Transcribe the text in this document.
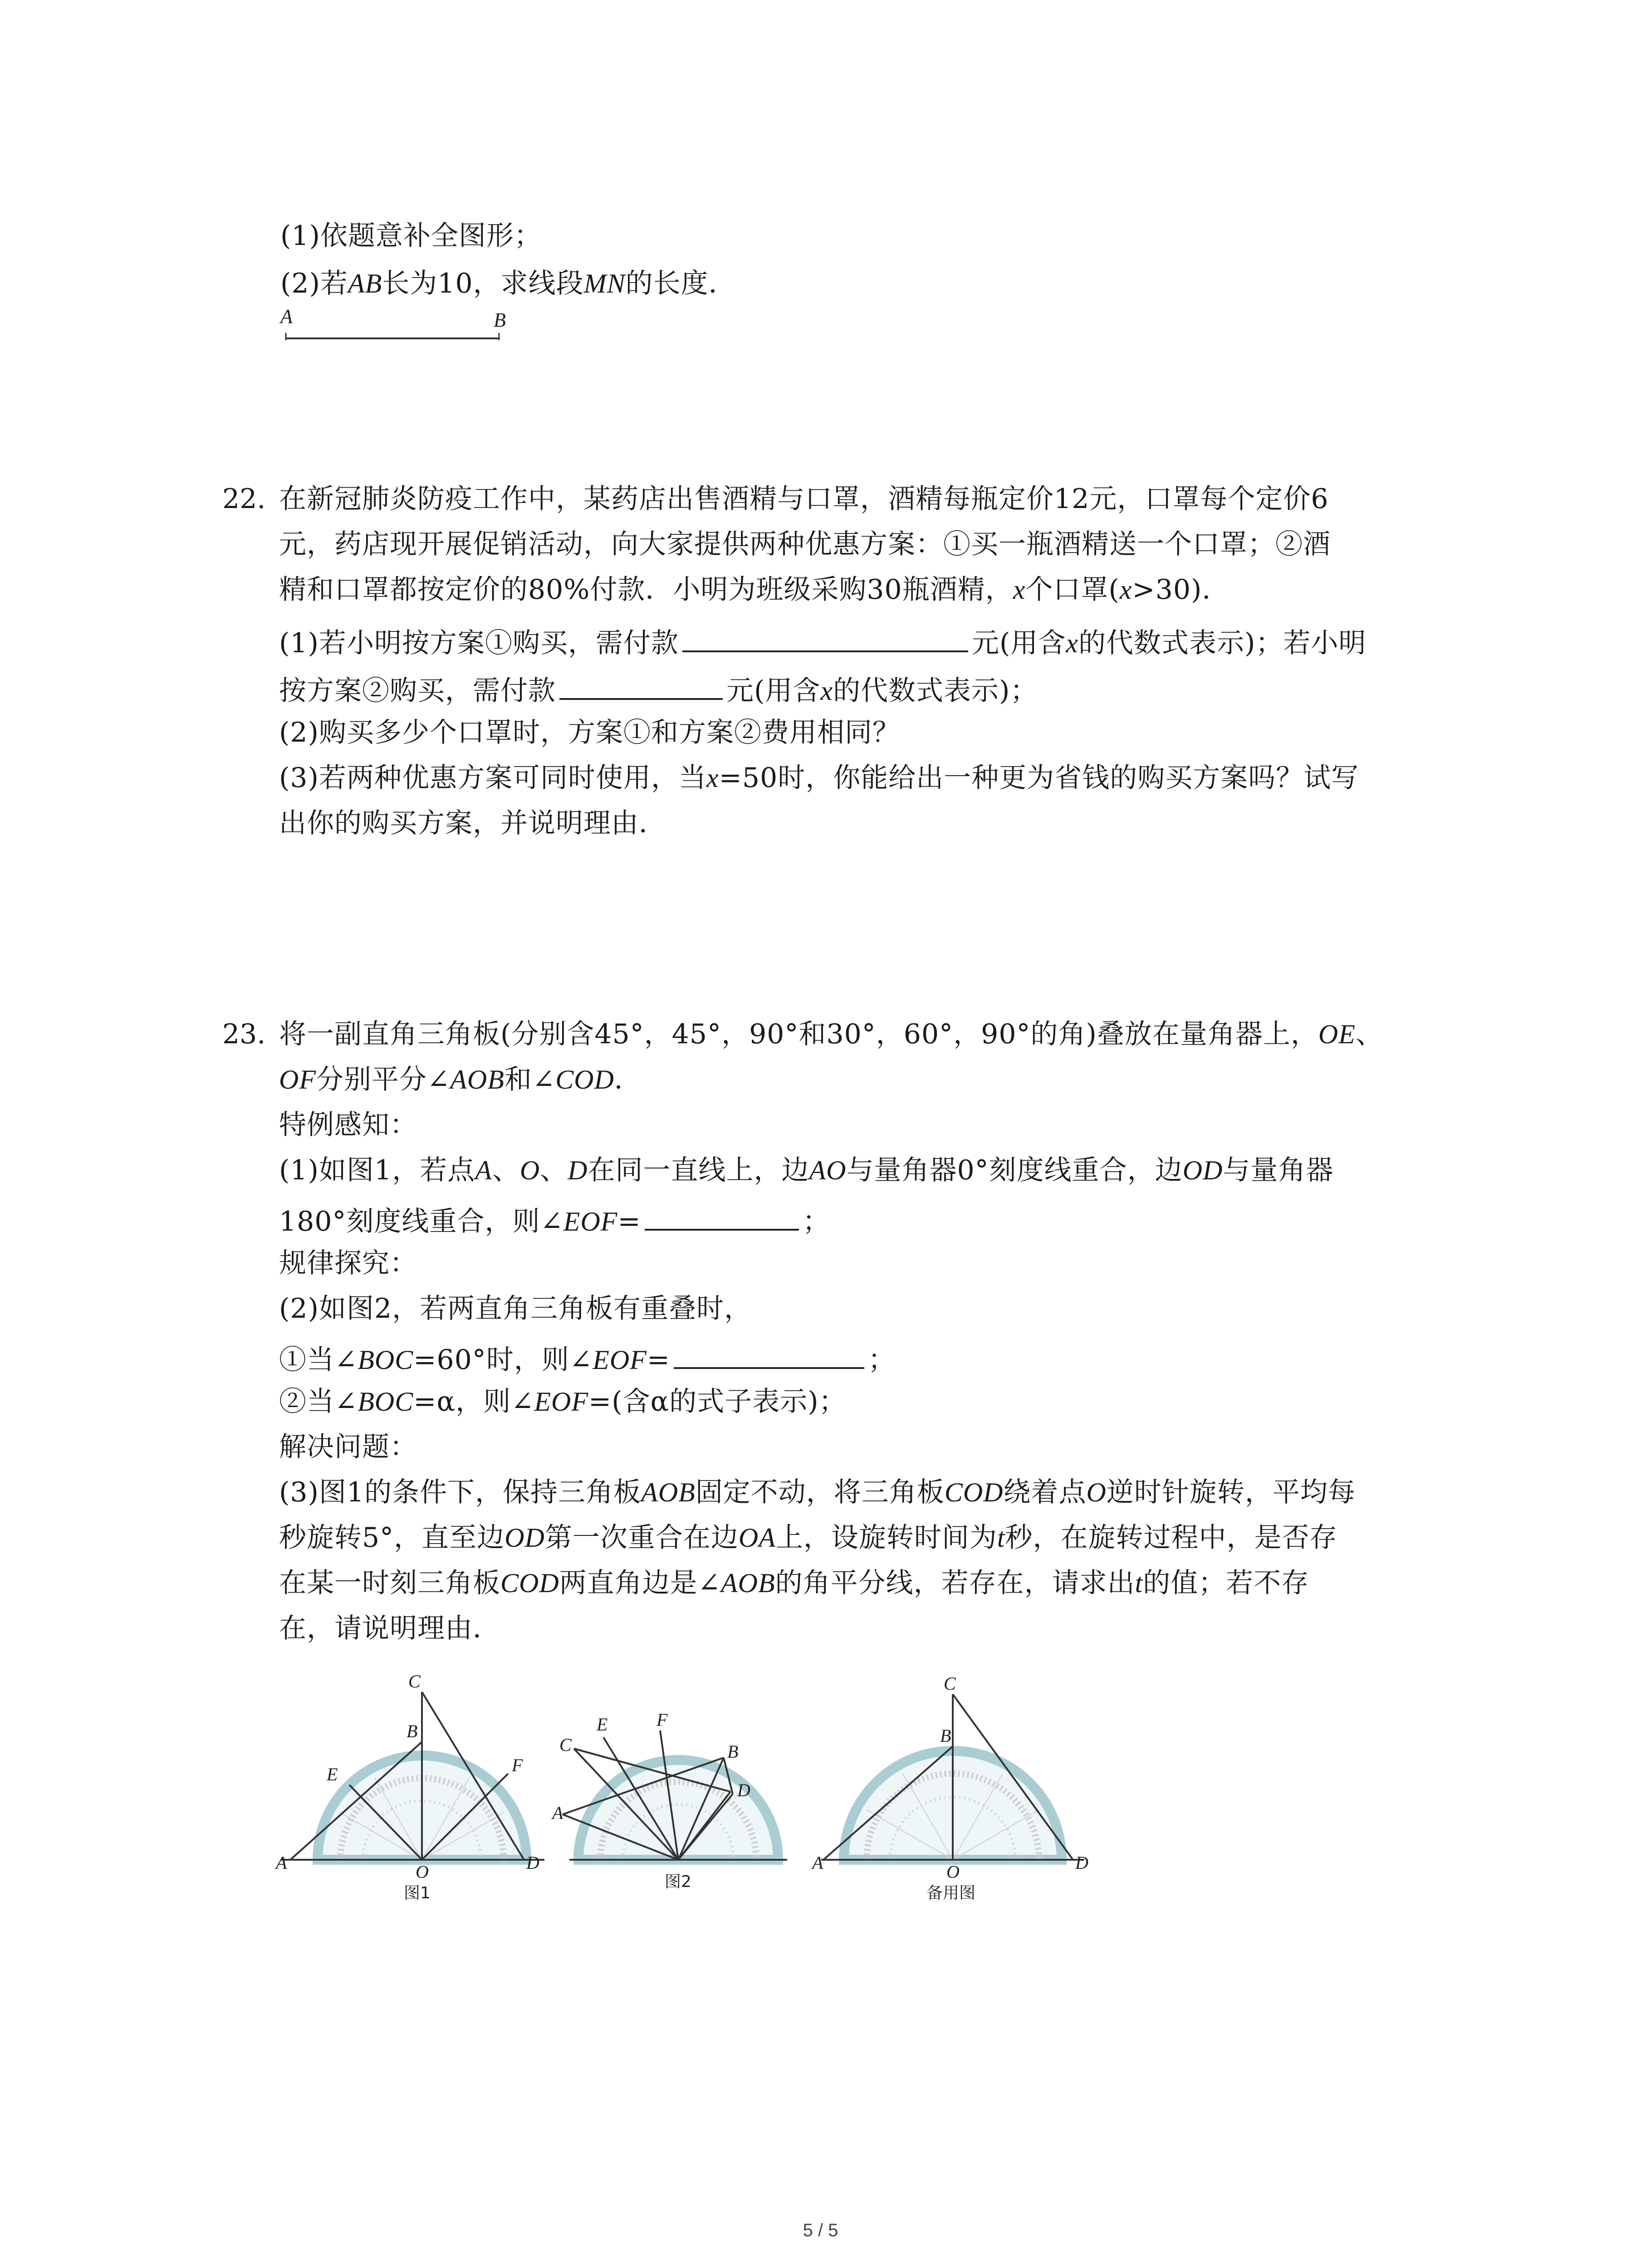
(1)依题意补全图形；
(2)若AB长为10，求线段MN的长度．
A	B
22. 在新冠肺炎防疫工作中，某药店出售酒精与口罩，酒精每瓶定价12元，口罩每个定价6
元，药店现开展促销活动，向大家提供两种优惠方案：①买一瓶酒精送一个口罩；②酒
精和口罩都按定价的80%付款．小明为班级采购30瓶酒精，x个口罩(x>30)．
(1)若小明按方案①购买，需付款	元(用含x的代数式表示)；若小明
按方案②购买，需付款	元(用含x的代数式表示)；
(2)购买多少个口罩时，方案①和方案②费用相同？
(3)若两种优惠方案可同时使用，当x=50时，你能给出一种更为省钱的购买方案吗？试写
出你的购买方案，并说明理由．
23. 将一副直角三角板(分别含45°，45°，90°和30°，60°，90°的角)叠放在量角器上，OE、
OF分别平分∠AOB和∠COD．
特例感知：
(1)如图1，若点A、O、D在同一直线上，边AO与量角器0°刻度线重合，边OD与量角器
180°刻度线重合，则∠EOF=	；
规律探究：
(2)如图2，若两直角三角板有重叠时，
①当∠BOC=60°时，则∠EOF=	；
②当∠BOC=α，则∠EOF=(含α的式子表示)；
解决问题：
(3)图1的条件下，保持三角板AOB固定不动，将三角板COD绕着点O逆时针旋转，平均每
秒旋转5°，直至边OD第一次重合在边OA上，设旋转时间为t秒，在旋转过程中，是否存
在某一时刻三角板COD两直角边是∠AOB的角平分线，若存在，请求出t的值；若不存
在，请说明理由．
C
B
E	F
A	D
O
图1
E	F
C	B
A
D
图2
C
B
A	D
O
备用图
5 / 5
